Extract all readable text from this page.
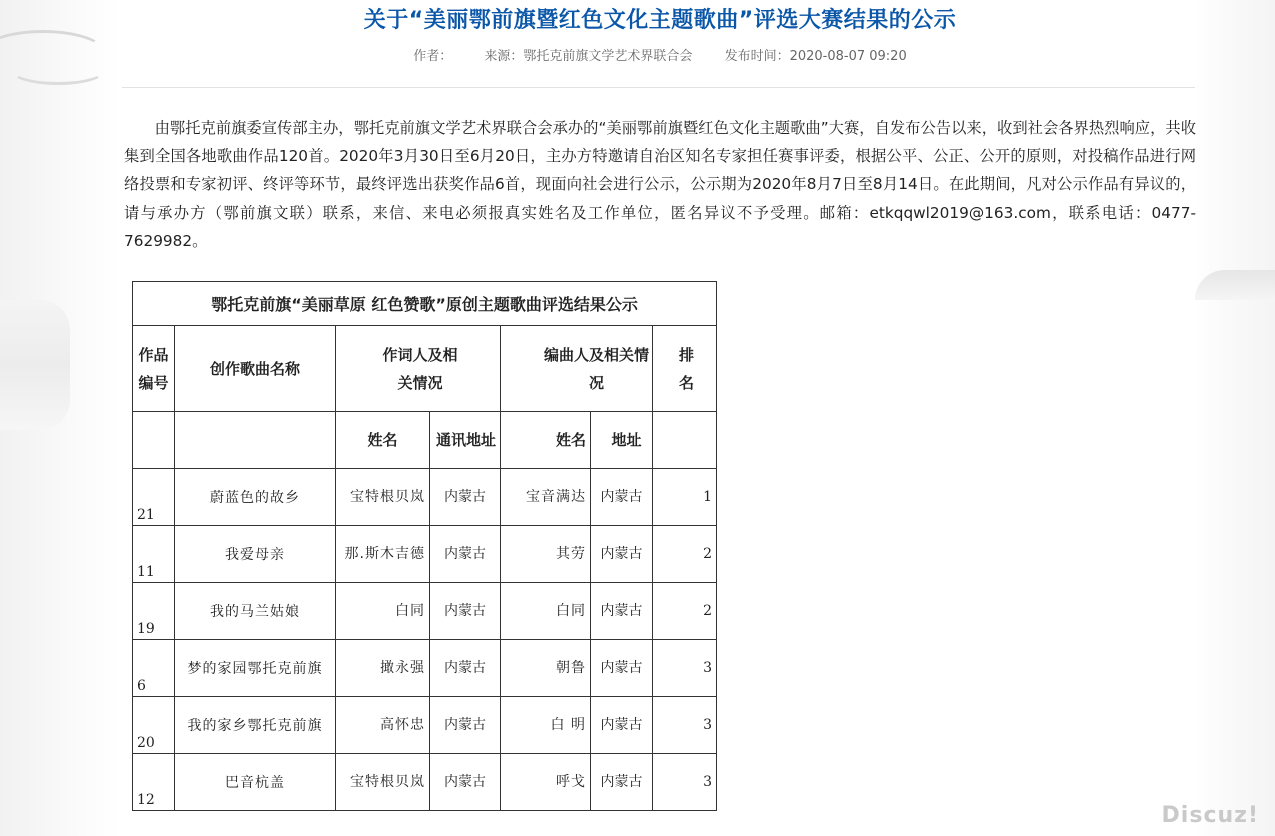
关于“美丽鄂前旗暨红色文化主题歌曲”评选大赛结果的公示
作者： 来源：鄂托克前旗文学艺术界联合会 发布时间：2020-08-07 09:20
由鄂托克前旗委宣传部主办，鄂托克前旗文学艺术界联合会承办的“美丽鄂前旗暨红色文化主题歌曲”大赛，自发布公告以来，收到社会各界热烈响应，共收集到全国各地歌曲作品120首。2020年3月30日至6月20日，主办方特邀请自治区知名专家担任赛事评委，根据公平、公正、公开的原则，对投稿作品进行网络投票和专家初评、终评等环节，最终评选出获奖作品6首，现面向社会进行公示，公示期为2020年8月7日至8月14日。在此期间，凡对公示作品有异议的，请与承办方（鄂前旗文联）联系，来信、来电必须报真实姓名及工作单位，匿名异议不予受理。邮箱：etkqqwl2019@163.com，联系电话：0477-7629982。
鄂托克前旗“美丽草原 红色赞歌”原创主题歌曲评选结果公示						
作品编号	创作歌曲名称	作词人及相关情况		编曲人及相关情况		排名
		姓名	通讯地址	姓名	地址	
21	蔚蓝色的故乡	宝特根贝岚	内蒙古	宝音满达	内蒙古	1
11	我爱母亲	那.斯木吉德	内蒙古	其劳	内蒙古	2
19	我的马兰姑娘	白同	内蒙古	白同	内蒙古	2
6	梦的家园鄂托克前旗	撖永强	内蒙古	朝鲁	内蒙古	3
20	我的家乡鄂托克前旗	高怀忠	内蒙古	白 明	内蒙古	3
12	巴音杭盖	宝特根贝岚	内蒙古	呼戈	内蒙古	3
Discuz!
